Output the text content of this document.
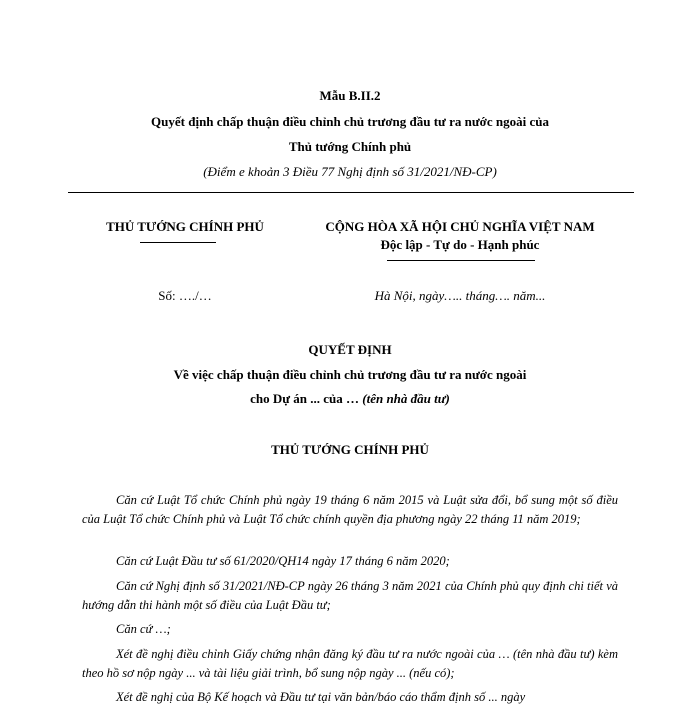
Mẫu B.II.2
Quyết định chấp thuận điều chỉnh chủ trương đầu tư ra nước ngoài của
Thủ tướng Chính phủ
(Điểm e khoản 3 Điều 77 Nghị định số 31/2021/NĐ-CP)
THỦ TƯỚNG CHÍNH PHỦ	CỘNG HÒA XÃ HỘI CHỦ NGHĨA VIỆT NAM
Độc lập - Tự do - Hạnh phúc
Số: …./…	Hà Nội, ngày….. tháng…. năm...
QUYẾT ĐỊNH
Về việc chấp thuận điều chỉnh chủ trương đầu tư ra nước ngoài
cho Dự án ... của … (tên nhà đầu tư)
THỦ TƯỚNG CHÍNH PHỦ
Căn cứ Luật Tổ chức Chính phủ ngày 19 tháng 6 năm 2015 và Luật sửa đổi, bổ sung một số điều của Luật Tổ chức Chính phủ và Luật Tổ chức chính quyền địa phương ngày 22 tháng 11 năm 2019;
Căn cứ Luật Đầu tư số 61/2020/QH14 ngày 17 tháng 6 năm 2020;
Căn cứ Nghị định số 31/2021/NĐ-CP ngày 26 tháng 3 năm 2021 của Chính phủ quy định chi tiết và hướng dẫn thi hành một số điều của Luật Đầu tư;
Căn cứ …;
Xét đề nghị điều chỉnh Giấy chứng nhận đăng ký đầu tư ra nước ngoài của … (tên nhà đầu tư) kèm theo hồ sơ nộp ngày ... và tài liệu giải trình, bổ sung nộp ngày ... (nếu có);
Xét đề nghị của Bộ Kế hoạch và Đầu tư tại văn bản/báo cáo thẩm định số ... ngày
